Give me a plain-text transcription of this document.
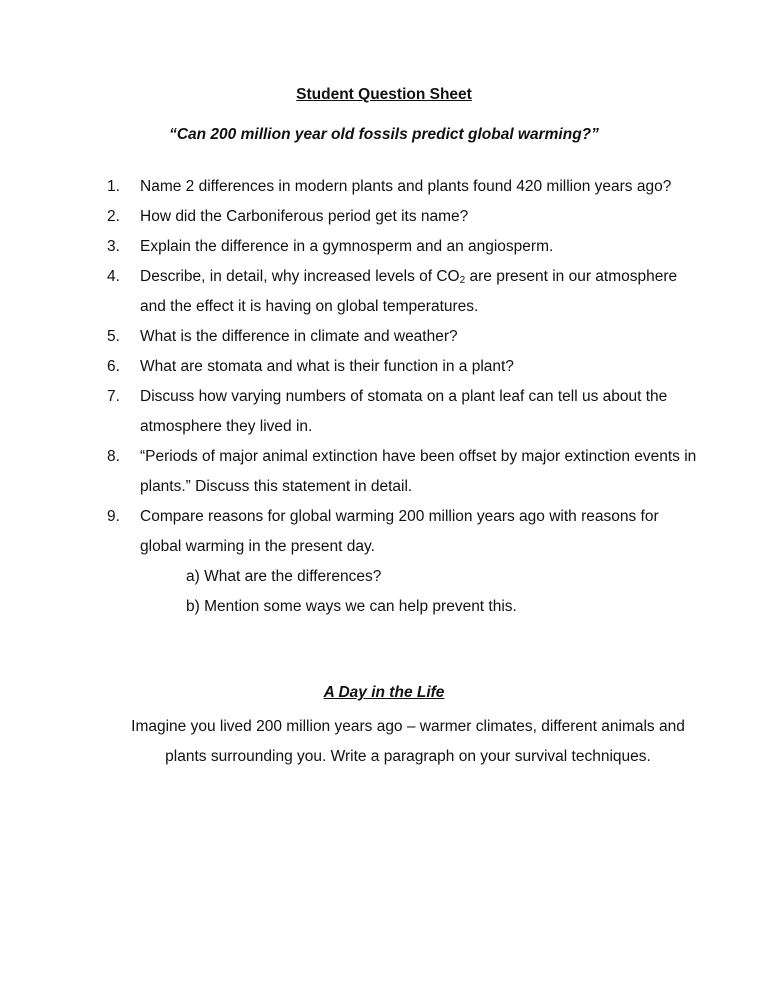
Student Question Sheet
“Can 200 million year old fossils predict global warming?”
1. Name 2 differences in modern plants and plants found 420 million years ago?
2. How did the Carboniferous period get its name?
3. Explain the difference in a gymnosperm and an angiosperm.
4. Describe, in detail, why increased levels of $CO_2$ are present in our atmosphere and the effect it is having on global temperatures.
5. What is the difference in climate and weather?
6. What are stomata and what is their function in a plant?
7. Discuss how varying numbers of stomata on a plant leaf can tell us about the atmosphere they lived in.
8. “Periods of major animal extinction have been offset by major extinction events in plants.” Discuss this statement in detail.
9. Compare reasons for global warming 200 million years ago with reasons for global warming in the present day.
a) What are the differences?
b) Mention some ways we can help prevent this.
A Day in the Life
Imagine you lived 200 million years ago – warmer climates, different animals and plants surrounding you. Write a paragraph on your survival techniques.
